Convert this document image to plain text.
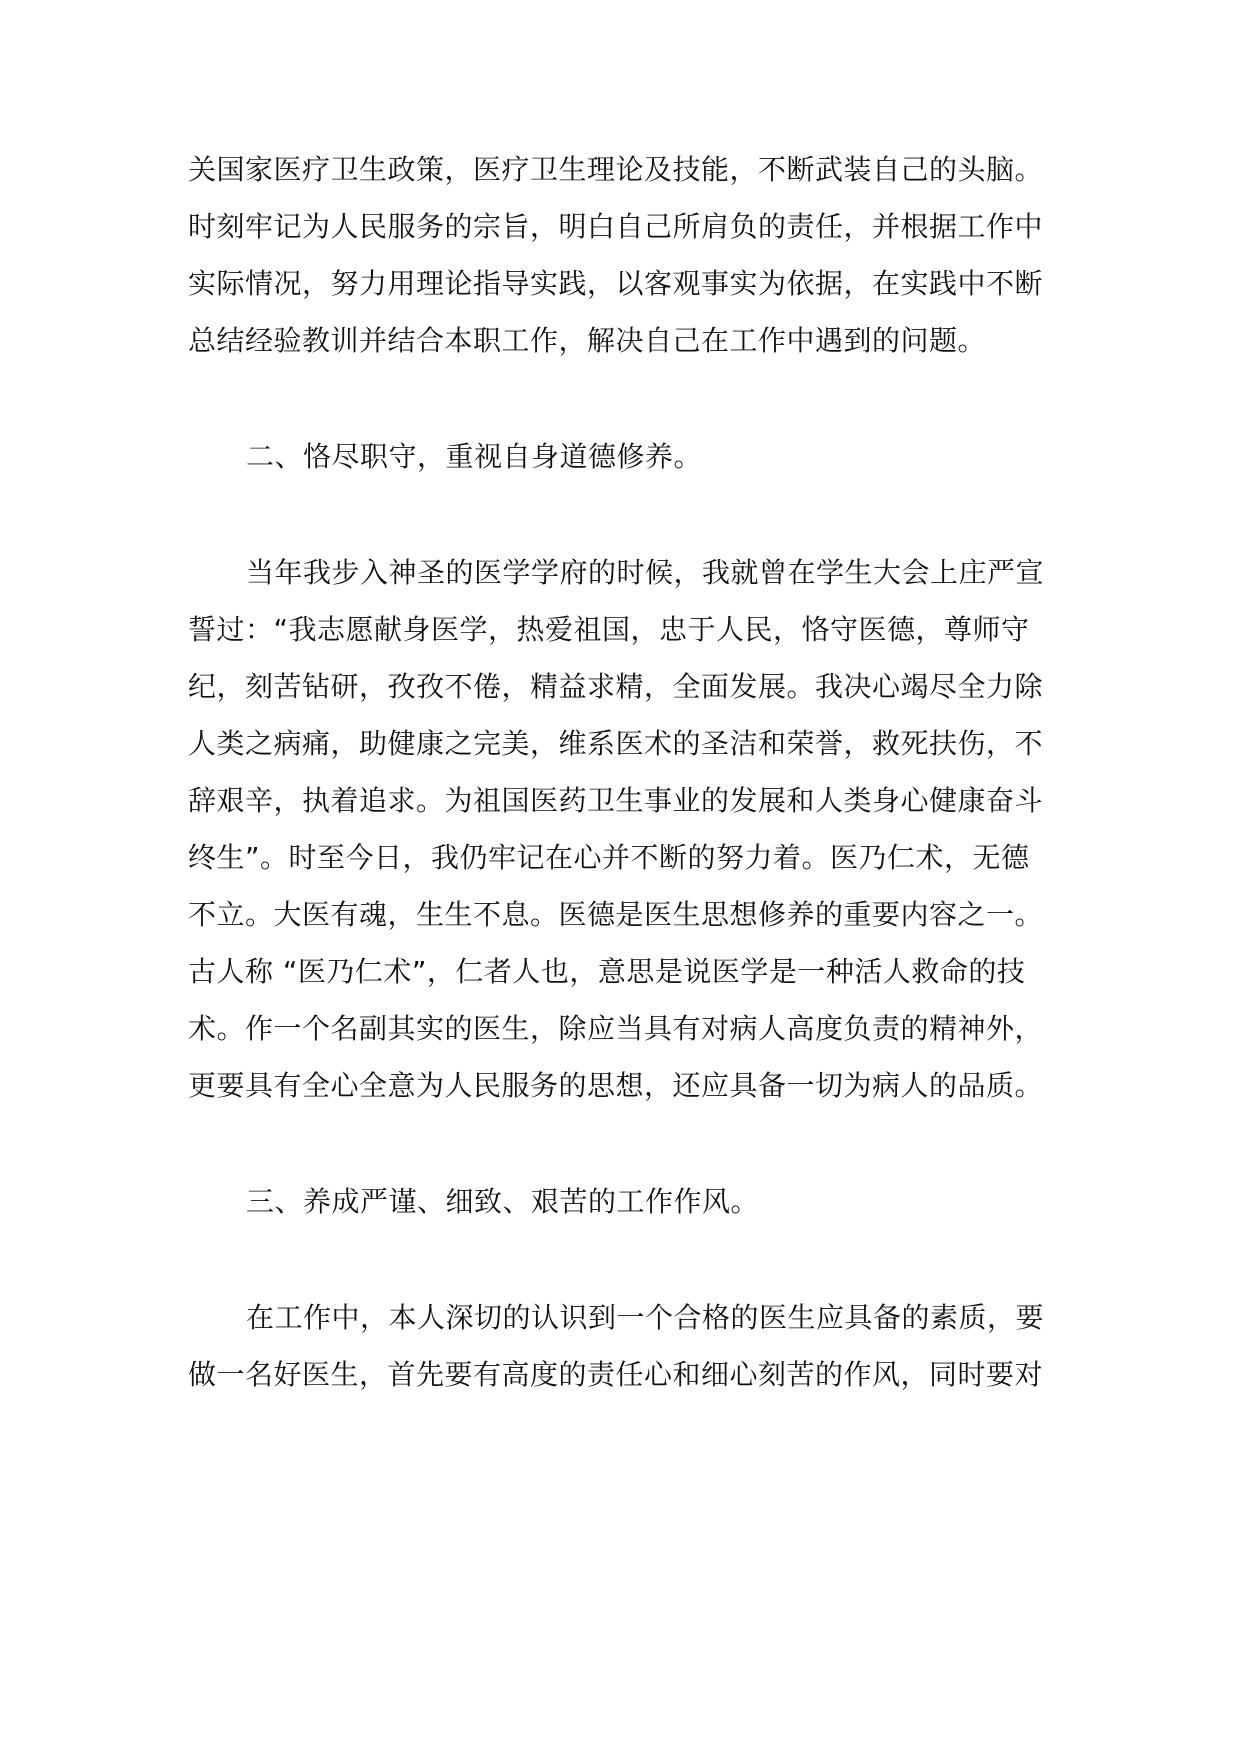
关国家医疗卫生政策，医疗卫生理论及技能，不断武装自己的头脑。
时刻牢记为人民服务的宗旨，明白自己所肩负的责任，并根据工作中
实际情况，努力用理论指导实践，以客观事实为依据，在实践中不断
总结经验教训并结合本职工作，解决自己在工作中遇到的问题。
二、恪尽职守，重视自身道德修养。
当年我步入神圣的医学学府的时候，我就曾在学生大会上庄严宣
誓过：“我志愿献身医学，热爱祖国，忠于人民，恪守医德，尊师守
纪，刻苦钻研，孜孜不倦，精益求精，全面发展。我决心竭尽全力除
人类之病痛，助健康之完美，维系医术的圣洁和荣誉，救死扶伤，不
辞艰辛，执着追求。为祖国医药卫生事业的发展和人类身心健康奋斗
终生”。时至今日，我仍牢记在心并不断的努力着。医乃仁术，无德
不立。大医有魂，生生不息。医德是医生思想修养的重要内容之一。
古人称 “医乃仁术”，仁者人也，意思是说医学是一种活人救命的技
术。作一个名副其实的医生，除应当具有对病人高度负责的精神外，
更要具有全心全意为人民服务的思想，还应具备一切为病人的品质。
三、养成严谨、细致、艰苦的工作作风。
在工作中，本人深切的认识到一个合格的医生应具备的素质，要
做一名好医生，首先要有高度的责任心和细心刻苦的作风，同时要对
